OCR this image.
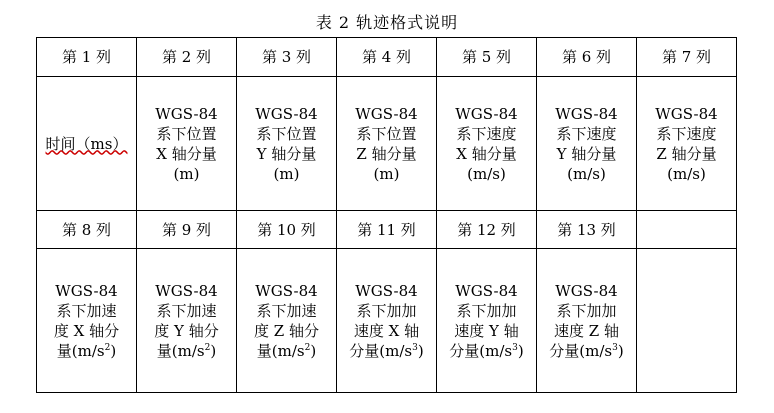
表 2 轨迹格式说明
第 1 列	第 2 列	第 3 列	第 4 列	第 5 列	第 6 列	第 7 列

时间（ms）	WGS-84
系下位置
X 轴分量
(m)	WGS-84
系下位置
Y 轴分量
(m)	WGS-84
系下位置
Z 轴分量
(m)	WGS-84
系下速度
X 轴分量
(m/s)	WGS-84
系下速度
Y 轴分量
(m/s)	WGS-84
系下速度
Z 轴分量
(m/s)

第 8 列	第 9 列	第 10 列	第 11 列	第 12 列	第 13 列	

WGS-84
系下加速
度 X 轴分
量$(m/s^2)$	WGS-84
系下加速
度 Y 轴分
量$(m/s^2)$	WGS-84
系下加速
度 Z 轴分
量$(m/s^2)$	WGS-84
系下加加
速度 X 轴
分量$(m/s^3)$	WGS-84
系下加加
速度 Y 轴
分量$(m/s^3)$	WGS-84
系下加加
速度 Z 轴
分量$(m/s^3)$	
